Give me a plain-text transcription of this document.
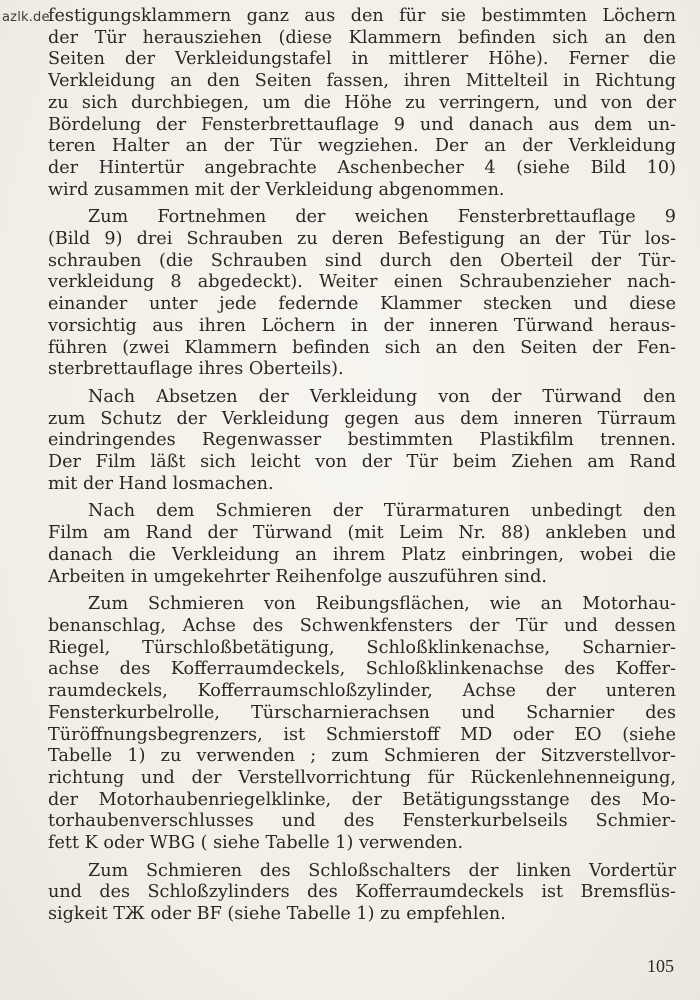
azlk.de

festigungsklammern ganz aus den für sie bestimmten Löchern
der Tür herausziehen (diese Klammern befinden sich an den
Seiten der Verkleidungstafel in mittlerer Höhe). Ferner die
Verkleidung an den Seiten fassen, ihren Mittelteil in Richtung
zu sich durchbiegen, um die Höhe zu verringern, und von der
Bördelung der Fensterbrettauflage 9 und danach aus dem un-
teren Halter an der Tür wegziehen. Der an der Verkleidung
der Hintertür angebrachte Aschenbecher 4 (siehe Bild 10)
wird zusammen mit der Verkleidung abgenommen.

Zum Fortnehmen der weichen Fensterbrettauflage 9
(Bild 9) drei Schrauben zu deren Befestigung an der Tür los-
schrauben (die Schrauben sind durch den Oberteil der Tür-
verkleidung 8 abgedeckt). Weiter einen Schraubenzieher nach-
einander unter jede federnde Klammer stecken und diese
vorsichtig aus ihren Löchern in der inneren Türwand heraus-
führen (zwei Klammern befinden sich an den Seiten der Fen-
sterbrettauflage ihres Oberteils).

Nach Absetzen der Verkleidung von der Türwand den
zum Schutz der Verkleidung gegen aus dem inneren Türraum
eindringendes Regenwasser bestimmten Plastikfilm trennen.
Der Film läßt sich leicht von der Tür beim Ziehen am Rand
mit der Hand losmachen.

Nach dem Schmieren der Türarmaturen unbedingt den
Film am Rand der Türwand (mit Leim Nr. 88) ankleben und
danach die Verkleidung an ihrem Platz einbringen, wobei die
Arbeiten in umgekehrter Reihenfolge auszuführen sind.

Zum Schmieren von Reibungsflächen, wie an Motorhau-
benanschlag, Achse des Schwenkfensters der Tür und dessen
Riegel, Türschloßbetätigung, Schloßklinkenachse, Scharnier-
achse des Kofferraumdeckels, Schloßklinkenachse des Koffer-
raumdeckels, Kofferraumschloßzylinder, Achse der unteren
Fensterkurbelrolle, Türscharnierachsen und Scharnier des
Türöffnungsbegrenzers, ist Schmierstoff MD oder EO (siehe
Tabelle 1) zu verwenden ; zum Schmieren der Sitzverstellvor-
richtung und der Verstellvorrichtung für Rückenlehnenneigung,
der Motorhaubenriegelklinke, der Betätigungsstange des Mo-
torhaubenverschlusses und des Fensterkurbelseils Schmier-
fett K oder WBG ( siehe Tabelle 1) verwenden.

Zum Schmieren des Schloßschalters der linken Vordertür
und des Schloßzylinders des Kofferraumdeckels ist Bremsflüs-
sigkeit TЖ oder BF (siehe Tabelle 1) zu empfehlen.

105
